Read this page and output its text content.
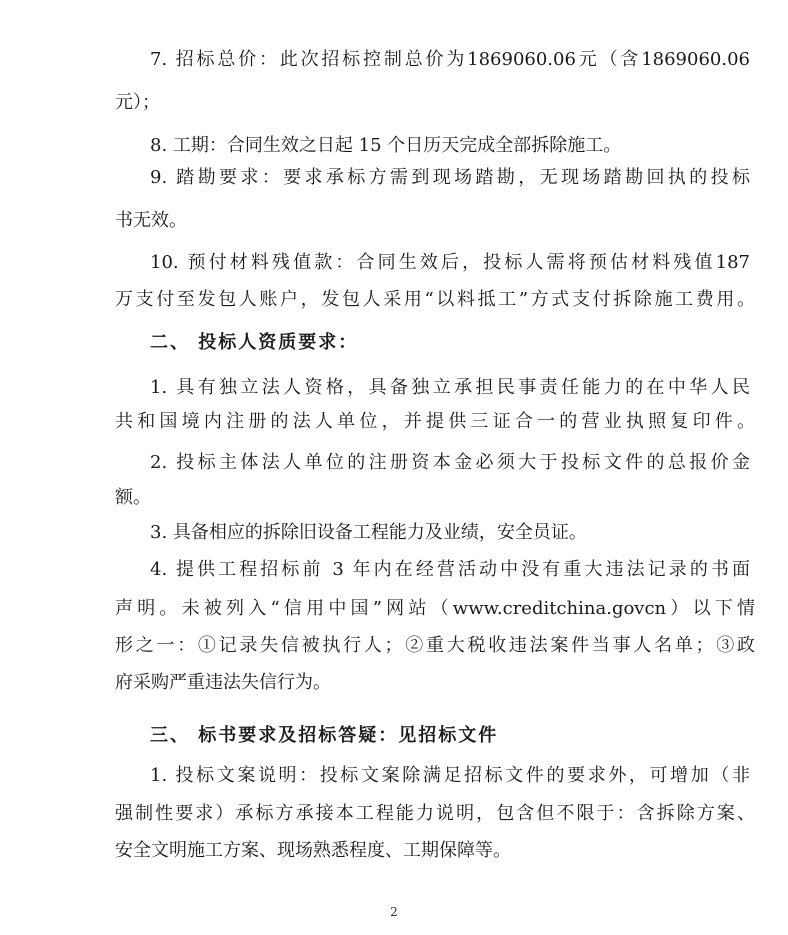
7. 招标总价：此次招标控制总价为1869060.06元（含1869060.06
元）；
8. 工期：合同生效之日起 15 个日历天完成全部拆除施工。
9. 踏勘要求：要求承标方需到现场踏勘，无现场踏勘回执的投标
书无效。
10. 预付材料残值款：合同生效后，投标人需将预估材料残值187
万支付至发包人账户，发包人采用“以料抵工”方式支付拆除施工费用。
二、 投标人资质要求：
1. 具有独立法人资格，具备独立承担民事责任能力的在中华人民
共和国境内注册的法人单位，并提供三证合一的营业执照复印件。
2. 投标主体法人单位的注册资本金必须大于投标文件的总报价金
额。
3. 具备相应的拆除旧设备工程能力及业绩，安全员证。
4. 提供工程招标前 3 年内在经营活动中没有重大违法记录的书面
声明。未被列入“信用中国”网站（www.creditchina.govcn）以下情
形之一：①记录失信被执行人；②重大税收违法案件当事人名单；③政
府采购严重违法失信行为。
三、 标书要求及招标答疑：见招标文件
1. 投标文案说明：投标文案除满足招标文件的要求外，可增加（非
强制性要求）承标方承接本工程能力说明，包含但不限于：含拆除方案、
安全文明施工方案、现场熟悉程度、工期保障等。
2
